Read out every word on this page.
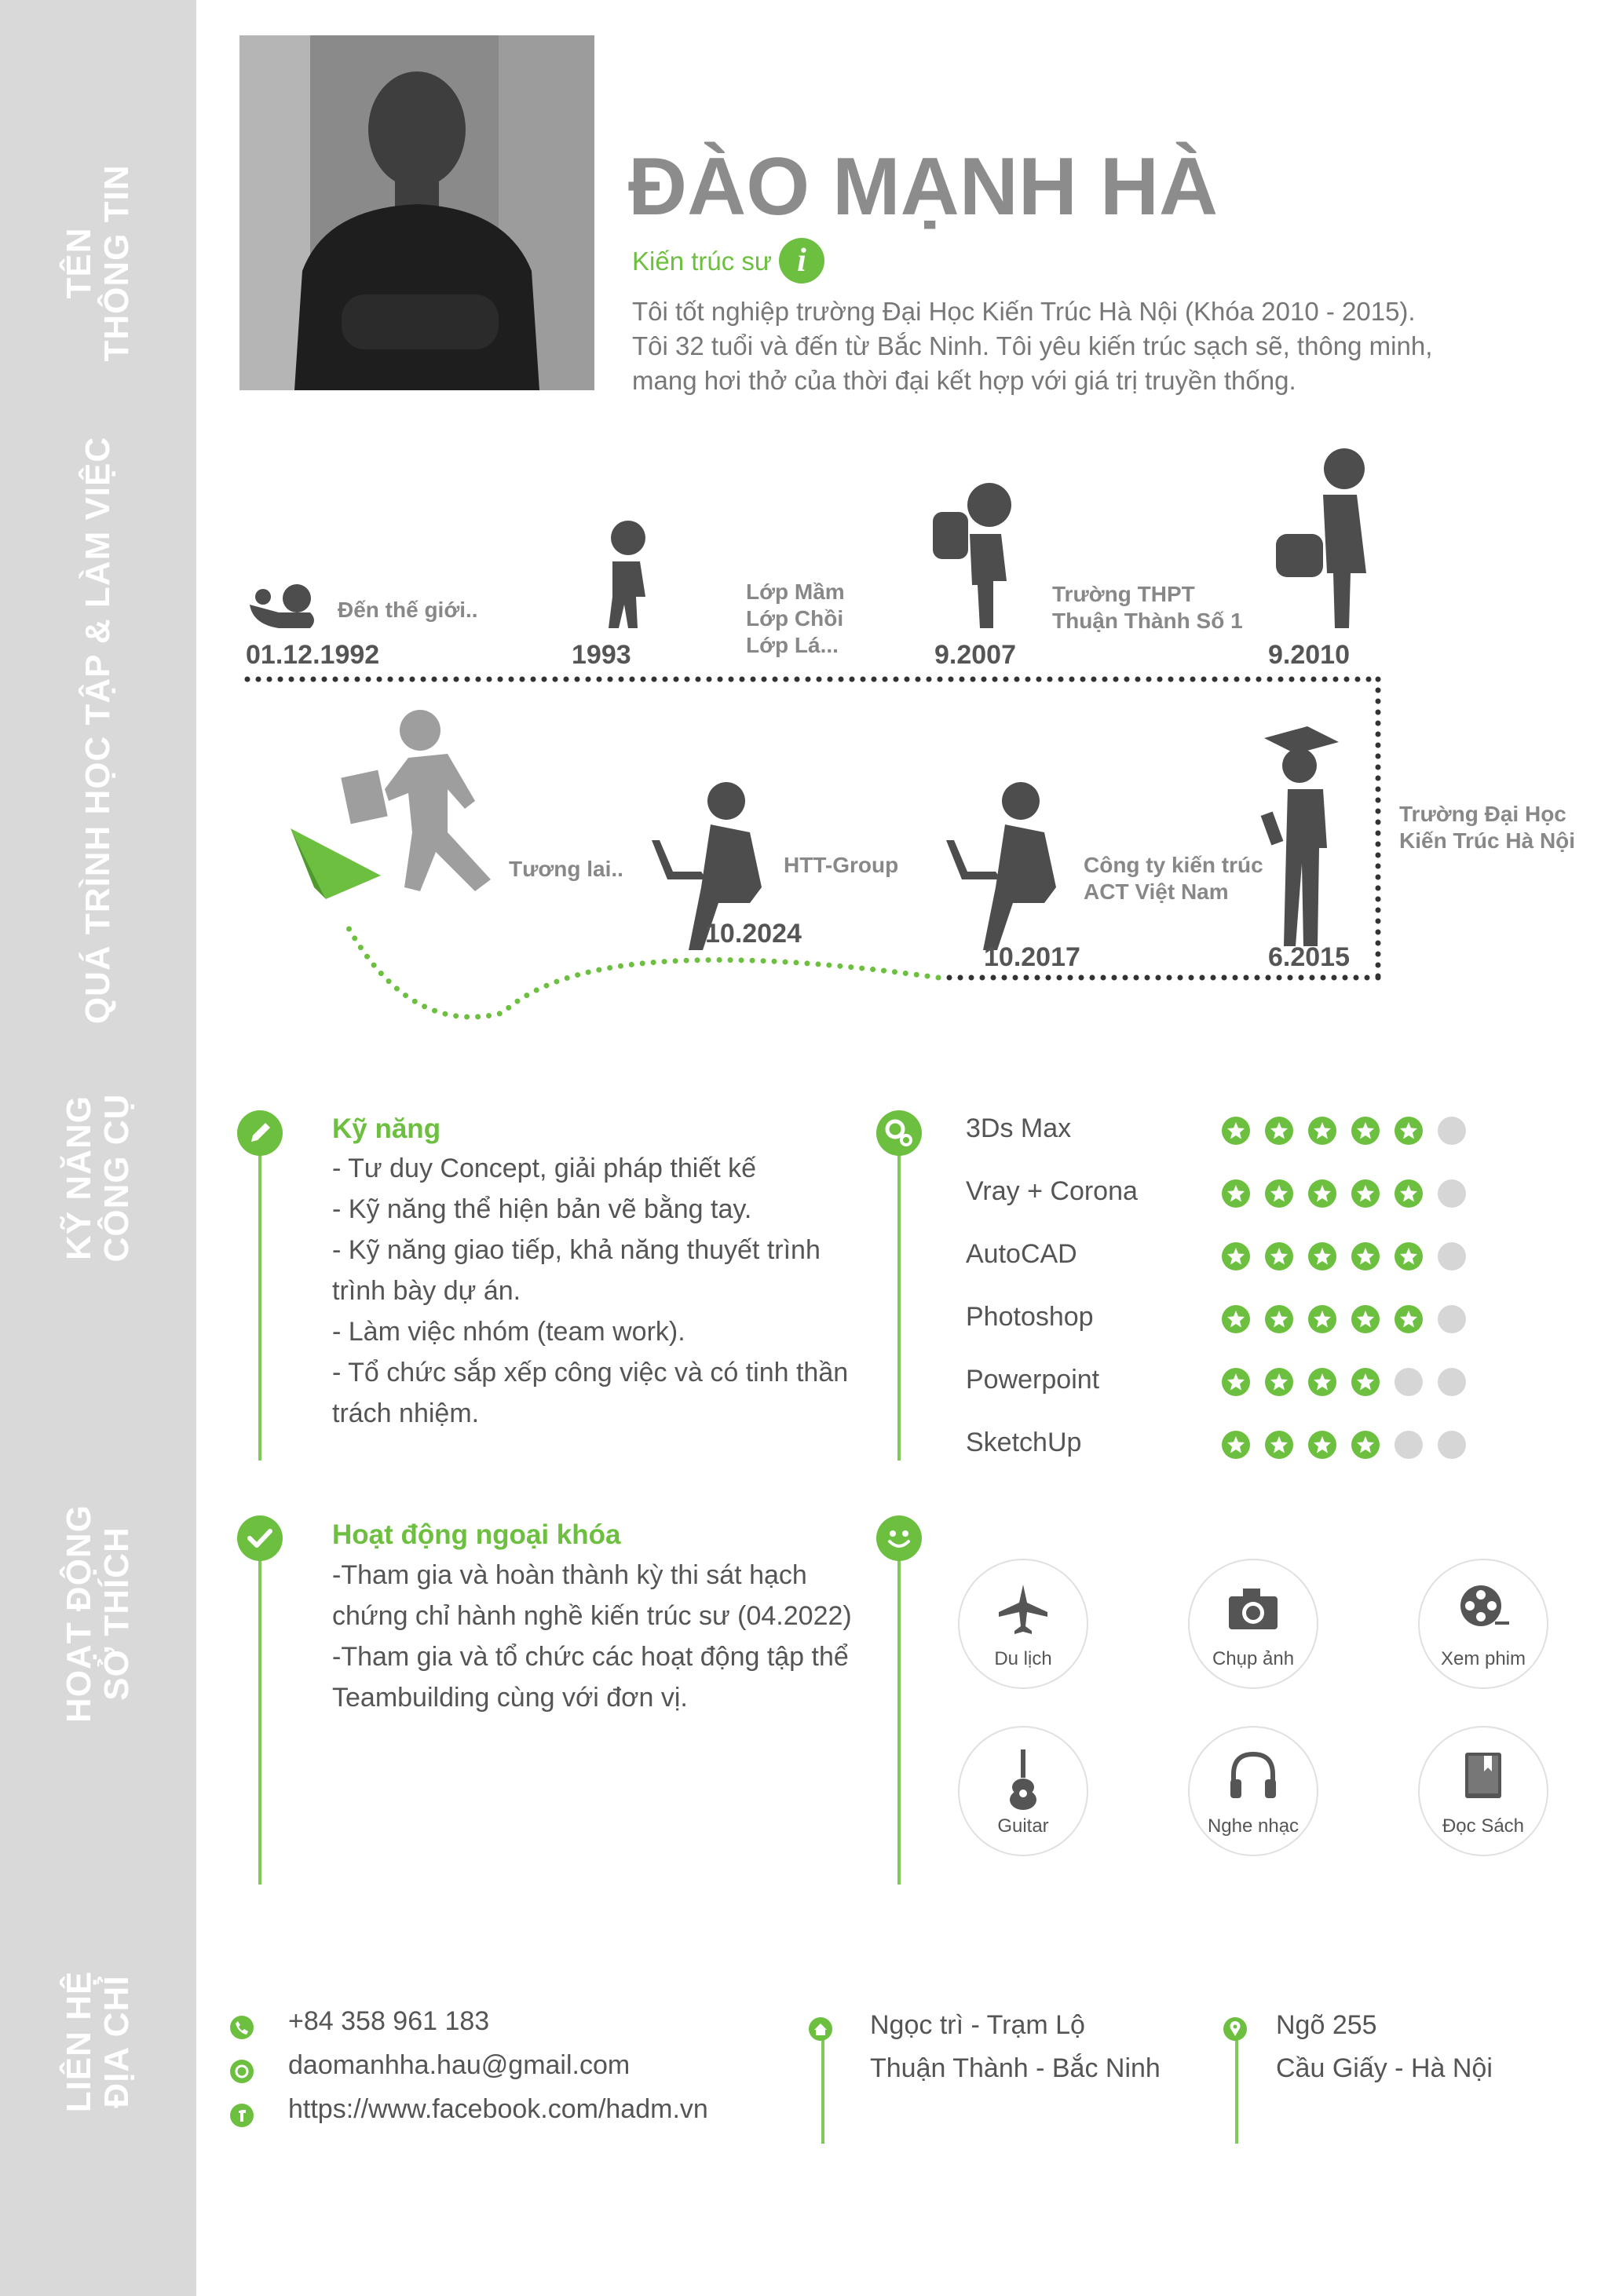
TÊN THÔNG TIN
QUÁ TRÌNH HỌC TẬP & LÀM VIỆC
KỸ NĂNG CÔNG CỤ
HOẠT ĐỘNG SỞ THÍCH
LIÊN HỆ ĐỊA CHỈ
ĐÀO MẠNH HÀ
Kiến trúc sư i
Tôi tốt nghiệp trường Đại Học Kiến Trúc Hà Nội (Khóa 2010 - 2015).
Tôi 32 tuổi và đến từ Bắc Ninh. Tôi yêu kiến trúc sạch sẽ, thông minh,
mang hơi thở của thời đại kết hợp với giá trị truyền thống.
01.12.1992
Đến thế giới..
1993
Lớp Mầm
Lớp Chồi
Lớp Lá...	9.2007
Trường THPT
Thuận Thành Số 1
9.2010
Trường Đại Học
Kiến Trúc Hà Nội
6.2015
Công ty kiến trúc
ACT Việt Nam
10.2017
HTT-Group
10.2024
Tương lai..
Kỹ năng
- Tư duy Concept, giải pháp thiết kế
- Kỹ năng thể hiện bản vẽ bằng tay.
- Kỹ năng giao tiếp, khả năng thuyết trình
trình bày dự án.
- Làm việc nhóm (team work).
- Tổ chức sắp xếp công việc và có tinh thần
trách nhiệm.
3Ds Max
Vray + Corona
AutoCAD
Photoshop
Powerpoint
SketchUp
Hoạt động ngoại khóa
-Tham gia và hoàn thành kỳ thi sát hạch
chứng chỉ hành nghề kiến trúc sư (04.2022)
-Tham gia và tổ chức các hoạt động tập thể
Teambuilding cùng với đơn vị.
Du lịch	Chụp ảnh	Xem phim
Guitar	Nghe nhạc	Đọc Sách
+84 358 961 183
daomanhha.hau@gmail.com
https://www.facebook.com/hadm.vn
Ngọc trì - Trạm Lộ
Thuận Thành - Bắc Ninh
Ngõ 255
Cầu Giấy - Hà Nội
